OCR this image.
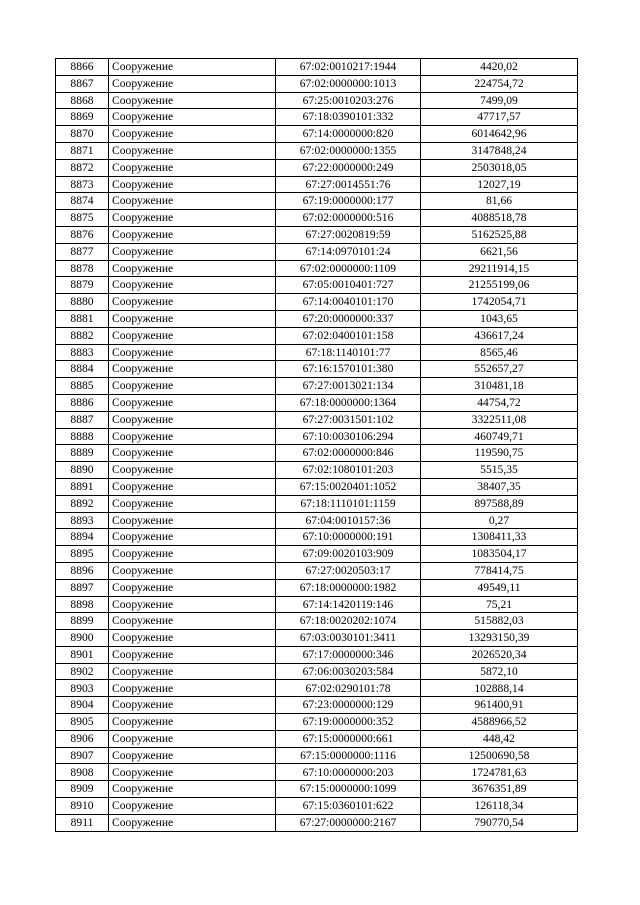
8866	Сооружение	67:02:0010217:1944	4420,02
8867	Сооружение	67:02:0000000:1013	224754,72
8868	Сооружение	67:25:0010203:276	7499,09
8869	Сооружение	67:18:0390101:332	47717,57
8870	Сооружение	67:14:0000000:820	6014642,96
8871	Сооружение	67:02:0000000:1355	3147848,24
8872	Сооружение	67:22:0000000:249	2503018,05
8873	Сооружение	67:27:0014551:76	12027,19
8874	Сооружение	67:19:0000000:177	81,66
8875	Сооружение	67:02:0000000:516	4088518,78
8876	Сооружение	67:27:0020819:59	5162525,88
8877	Сооружение	67:14:0970101:24	6621,56
8878	Сооружение	67:02:0000000:1109	29211914,15
8879	Сооружение	67:05:0010401:727	21255199,06
8880	Сооружение	67:14:0040101:170	1742054,71
8881	Сооружение	67:20:0000000:337	1043,65
8882	Сооружение	67:02:0400101:158	436617,24
8883	Сооружение	67:18:1140101:77	8565,46
8884	Сооружение	67:16:1570101:380	552657,27
8885	Сооружение	67:27:0013021:134	310481,18
8886	Сооружение	67:18:0000000:1364	44754,72
8887	Сооружение	67:27:0031501:102	3322511,08
8888	Сооружение	67:10:0030106:294	460749,71
8889	Сооружение	67:02:0000000:846	119590,75
8890	Сооружение	67:02:1080101:203	5515,35
8891	Сооружение	67:15:0020401:1052	38407,35
8892	Сооружение	67:18:1110101:1159	897588,89
8893	Сооружение	67:04:0010157:36	0,27
8894	Сооружение	67:10:0000000:191	1308411,33
8895	Сооружение	67:09:0020103:909	1083504,17
8896	Сооружение	67:27:0020503:17	778414,75
8897	Сооружение	67:18:0000000:1982	49549,11
8898	Сооружение	67:14:1420119:146	75,21
8899	Сооружение	67:18:0020202:1074	515882,03
8900	Сооружение	67:03:0030101:3411	13293150,39
8901	Сооружение	67:17:0000000:346	2026520,34
8902	Сооружение	67:06:0030203:584	5872,10
8903	Сооружение	67:02:0290101:78	102888,14
8904	Сооружение	67:23:0000000:129	961400,91
8905	Сооружение	67:19:0000000:352	4588966,52
8906	Сооружение	67:15:0000000:661	448,42
8907	Сооружение	67:15:0000000:1116	12500690,58
8908	Сооружение	67:10:0000000:203	1724781,63
8909	Сооружение	67:15:0000000:1099	3676351,89
8910	Сооружение	67:15:0360101:622	126118,34
8911	Сооружение	67:27:0000000:2167	790770,54
